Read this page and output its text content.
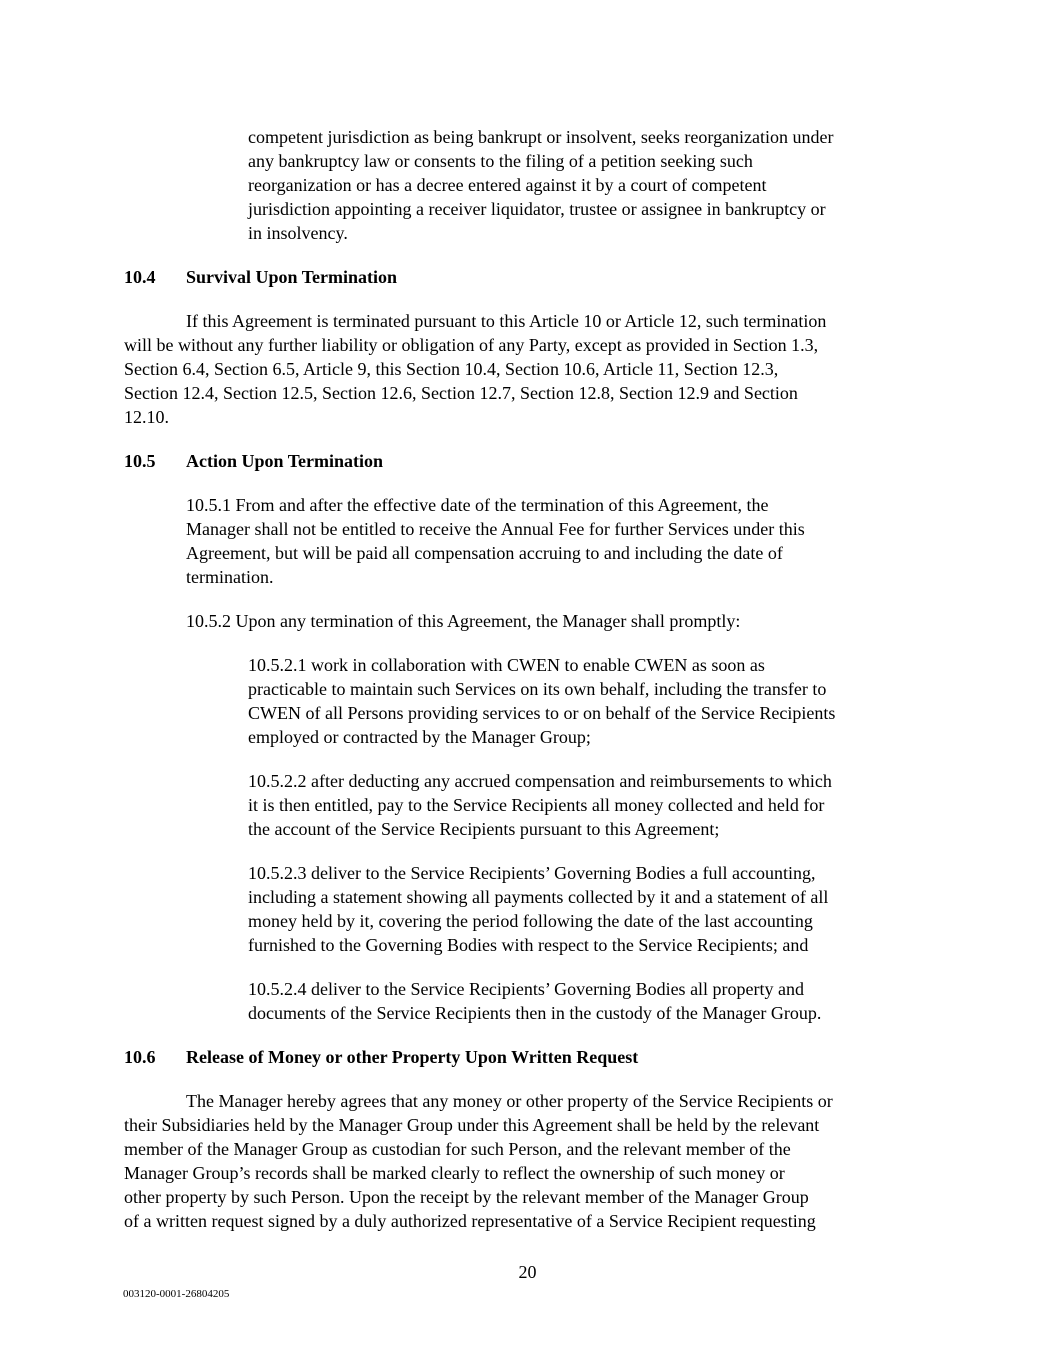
competent jurisdiction as being bankrupt or insolvent, seeks reorganization under
any bankruptcy law or consents to the filing of a petition seeking such
reorganization or has a decree entered against it by a court of competent
jurisdiction appointing a receiver liquidator, trustee or assignee in bankruptcy or
in insolvency.
10.4 Survival Upon Termination
If this Agreement is terminated pursuant to this Article 10 or Article 12, such termination
will be without any further liability or obligation of any Party, except as provided in Section 1.3,
Section 6.4, Section 6.5, Article 9, this Section 10.4, Section 10.6, Article 11, Section 12.3,
Section 12.4, Section 12.5, Section 12.6, Section 12.7, Section 12.8, Section 12.9 and Section
12.10.
10.5 Action Upon Termination
10.5.1 From and after the effective date of the termination of this Agreement, the
Manager shall not be entitled to receive the Annual Fee for further Services under this
Agreement, but will be paid all compensation accruing to and including the date of
termination.
10.5.2 Upon any termination of this Agreement, the Manager shall promptly:
10.5.2.1 work in collaboration with CWEN to enable CWEN as soon as
practicable to maintain such Services on its own behalf, including the transfer to
CWEN of all Persons providing services to or on behalf of the Service Recipients
employed or contracted by the Manager Group;
10.5.2.2 after deducting any accrued compensation and reimbursements to which
it is then entitled, pay to the Service Recipients all money collected and held for
the account of the Service Recipients pursuant to this Agreement;
10.5.2.3 deliver to the Service Recipients’ Governing Bodies a full accounting,
including a statement showing all payments collected by it and a statement of all
money held by it, covering the period following the date of the last accounting
furnished to the Governing Bodies with respect to the Service Recipients; and
10.5.2.4 deliver to the Service Recipients’ Governing Bodies all property and
documents of the Service Recipients then in the custody of the Manager Group.
10.6 Release of Money or other Property Upon Written Request
The Manager hereby agrees that any money or other property of the Service Recipients or
their Subsidiaries held by the Manager Group under this Agreement shall be held by the relevant
member of the Manager Group as custodian for such Person, and the relevant member of the
Manager Group’s records shall be marked clearly to reflect the ownership of such money or
other property by such Person. Upon the receipt by the relevant member of the Manager Group
of a written request signed by a duly authorized representative of a Service Recipient requesting
20
003120-0001-26804205
